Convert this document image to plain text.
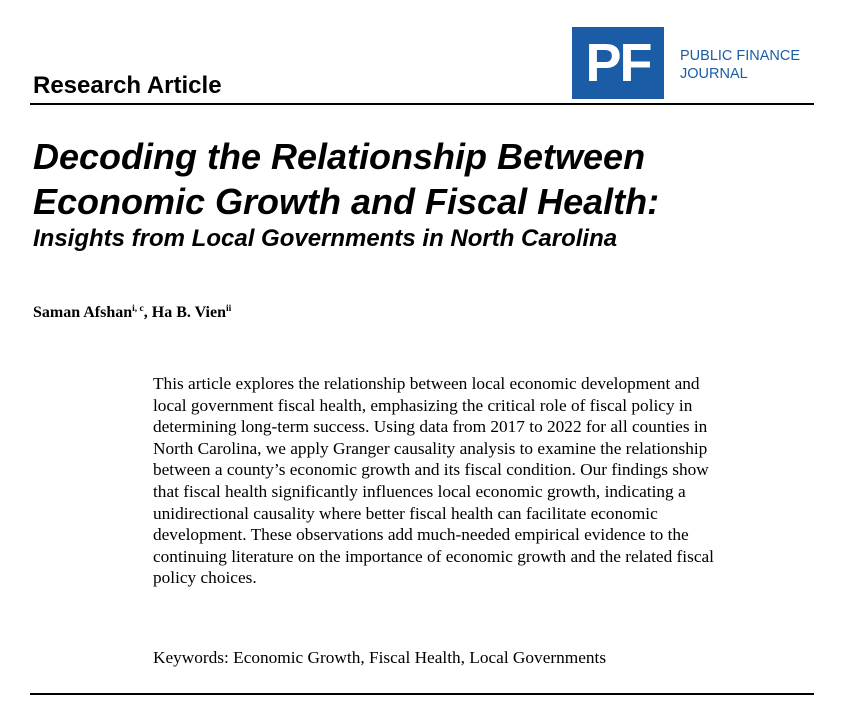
PF PUBLIC FINANCE
JOURNAL
Research Article
Decoding the Relationship Between
Economic Growth and Fiscal Health:
Insights from Local Governments in North Carolina
Saman Afshan$^{i, c}$, Ha B. Vien$^{ii}$
This article explores the relationship between local economic development and
local government fiscal health, emphasizing the critical role of fiscal policy in
determining long-term success. Using data from 2017 to 2022 for all counties in
North Carolina, we apply Granger causality analysis to examine the relationship
between a county’s economic growth and its fiscal condition. Our findings show
that fiscal health significantly influences local economic growth, indicating a
unidirectional causality where better fiscal health can facilitate economic
development. These observations add much-needed empirical evidence to the
continuing literature on the importance of economic growth and the related fiscal
policy choices.
Keywords: Economic Growth, Fiscal Health, Local Governments
